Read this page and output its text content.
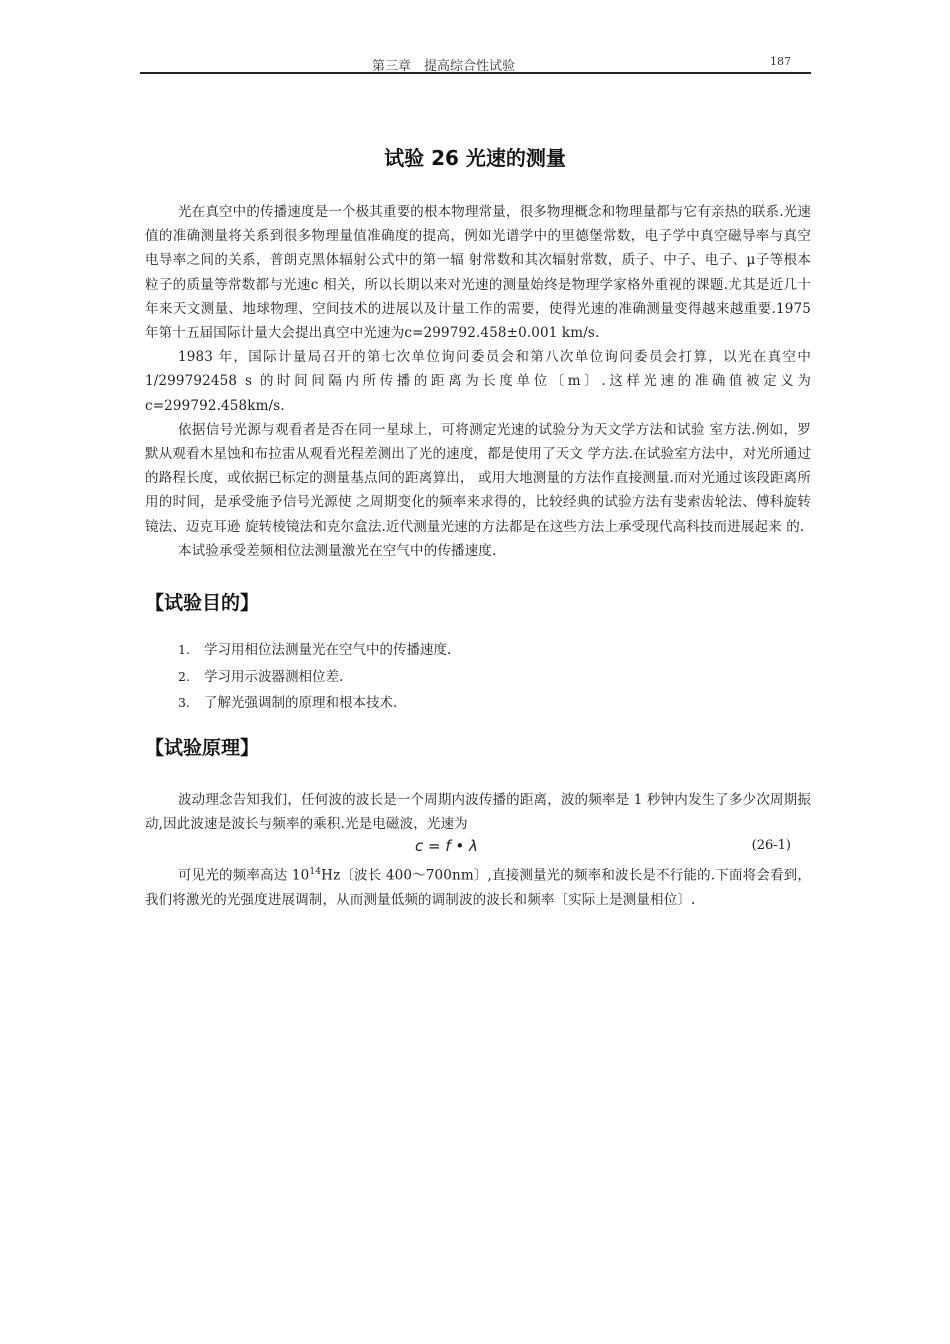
第三章　提高综合性试验	187
试验 26 光速的测量

光在真空中的传播速度是一个极其重要的根本物理常量，很多物理概念和物理量都与它有亲热的联系.光速值的准确测量将关系到很多物理量值准确度的提高，例如光谱学中的里德堡常数，电子学中真空磁导率与真空电导率之间的关系，普朗克黑体辐射公式中的第一辐 射常数和其次辐射常数，质子、中子、电子、μ子等根本粒子的质量等常数都与光速c 相关，所以长期以来对光速的测量始终是物理学家格外重视的课题.尤其是近几十年来天文测量、地球物理、空间技术的进展以及计量工作的需要，使得光速的准确测量变得越来越重要.1975 年第十五届国际计量大会提出真空中光速为c=299792.458±0.001 km/s.

1983 年，国际计量局召开的第七次单位询问委员会和第八次单位询问委员会打算，以光在真空中 1/299792458 s 的时间间隔内所传播的距离为长度单位〔m〕.这样光速的准确值被定义为c=299792.458km/s.

依据信号光源与观看者是否在同一星球上，可将测定光速的试验分为天文学方法和试验 室方法.例如，罗默从观看木星蚀和布拉雷从观看光程差测出了光的速度，都是使用了天文 学方法.在试验室方法中，对光所通过的路程长度，或依据已标定的测量基点间的距离算出， 或用大地测量的方法作直接测量.而对光通过该段距离所用的时间，是承受施予信号光源使 之周期变化的频率来求得的，比较经典的试验方法有斐索齿轮法、傅科旋转镜法、迈克耳逊 旋转棱镜法和克尔盒法.近代测量光速的方法都是在这些方法上承受现代高科技而进展起来 的.

本试验承受差频相位法测量激光在空气中的传播速度.

【试验目的】
1. 学习用相位法测量光在空气中的传播速度.
2. 学习用示波器测相位差.
3. 了解光强调制的原理和根本技术.
【试验原理】

波动理念告知我们，任何波的波长是一个周期内波传播的距离，波的频率是 1 秒钟内发生了多少次周期振动,因此波速是波长与频率的乘积.光是电磁波，光速为

c = f • λ	(26-1)

可见光的频率高达 $10^{14}Hz$〔波长 400～700nm〕,直接测量光的频率和波长是不行能的.下面将会看到，我们将激光的光强度进展调制，从而测量低频的调制波的波长和频率〔实际上是测量相位〕.
